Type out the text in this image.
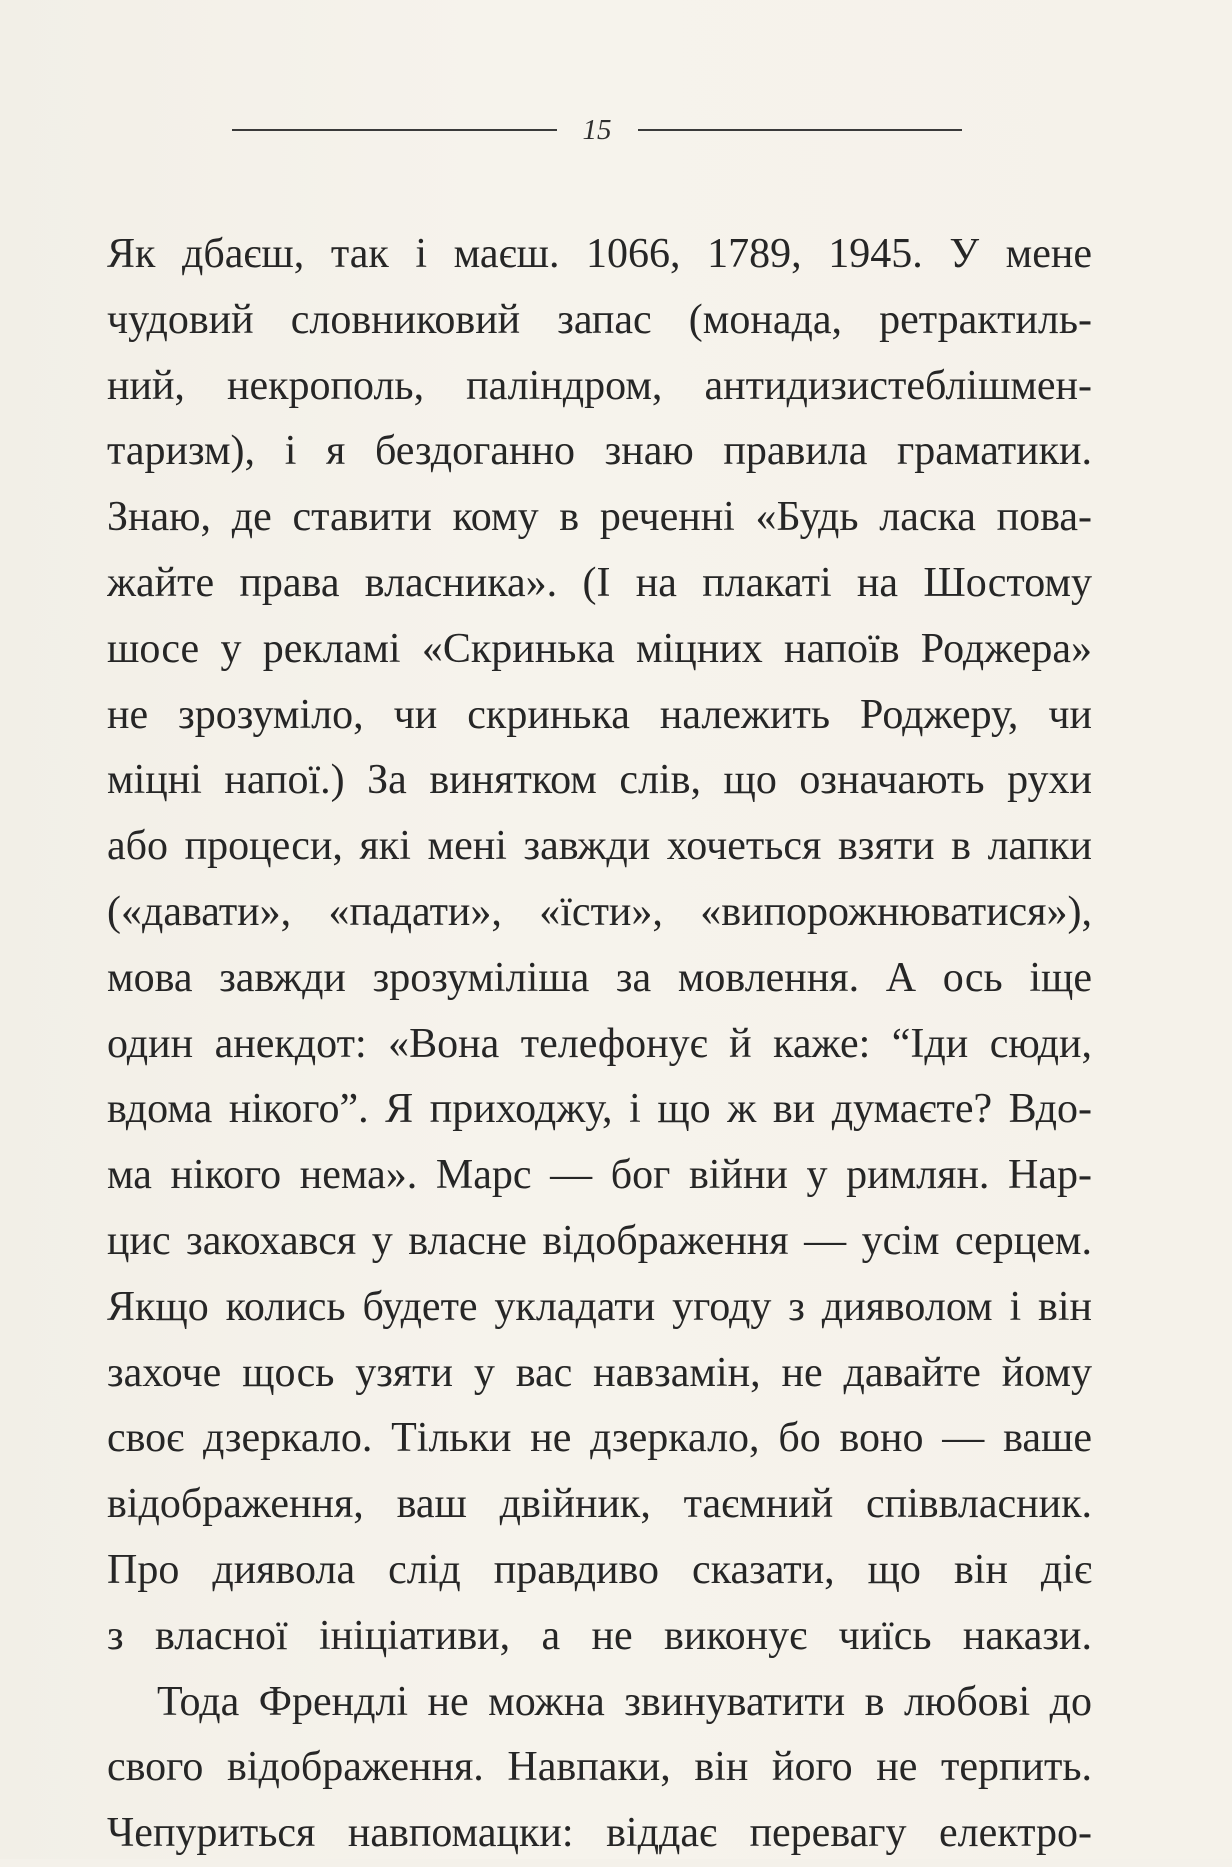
15
Як дбаєш, так і маєш. 1066, 1789, 1945. У мене
чудовий словниковий запас (монада, ретрактиль-
ний, некрополь, паліндром, антидизистеблішмен-
таризм), і я бездоганно знаю правила граматики.
Знаю, де ставити кому в реченні «Будь ласка пова-
жайте права власника». (І на плакаті на Шостому
шосе у рекламі «Скринька міцних напоїв Роджера»
не зрозуміло, чи скринька належить Роджеру, чи
міцні напої.) За винятком слів, що означають рухи
або процеси, які мені завжди хочеться взяти в лапки
(«давати», «падати», «їсти», «випорожнюватися»),
мова завжди зрозуміліша за мовлення. А ось іще
один анекдот: «Вона телефонує й каже: “Іди сюди,
вдома нікого”. Я приходжу, і що ж ви думаєте? Вдо-
ма нікого нема». Марс — бог війни у римлян. Нар-
цис закохався у власне відображення — усім серцем.
Якщо колись будете укладати угоду з дияволом і він
захоче щось узяти у вас навзамін, не давайте йому
своє дзеркало. Тільки не дзеркало, бо воно — ваше
відображення, ваш двійник, таємний співвласник.
Про диявола слід правдиво сказати, що він діє
з власної ініціативи, а не виконує чиїсь накази.
Тода Френдлі не можна звинуватити в любові до
свого відображення. Навпаки, він його не терпить.
Чепуриться навпомацки: віддає перевагу електро-
